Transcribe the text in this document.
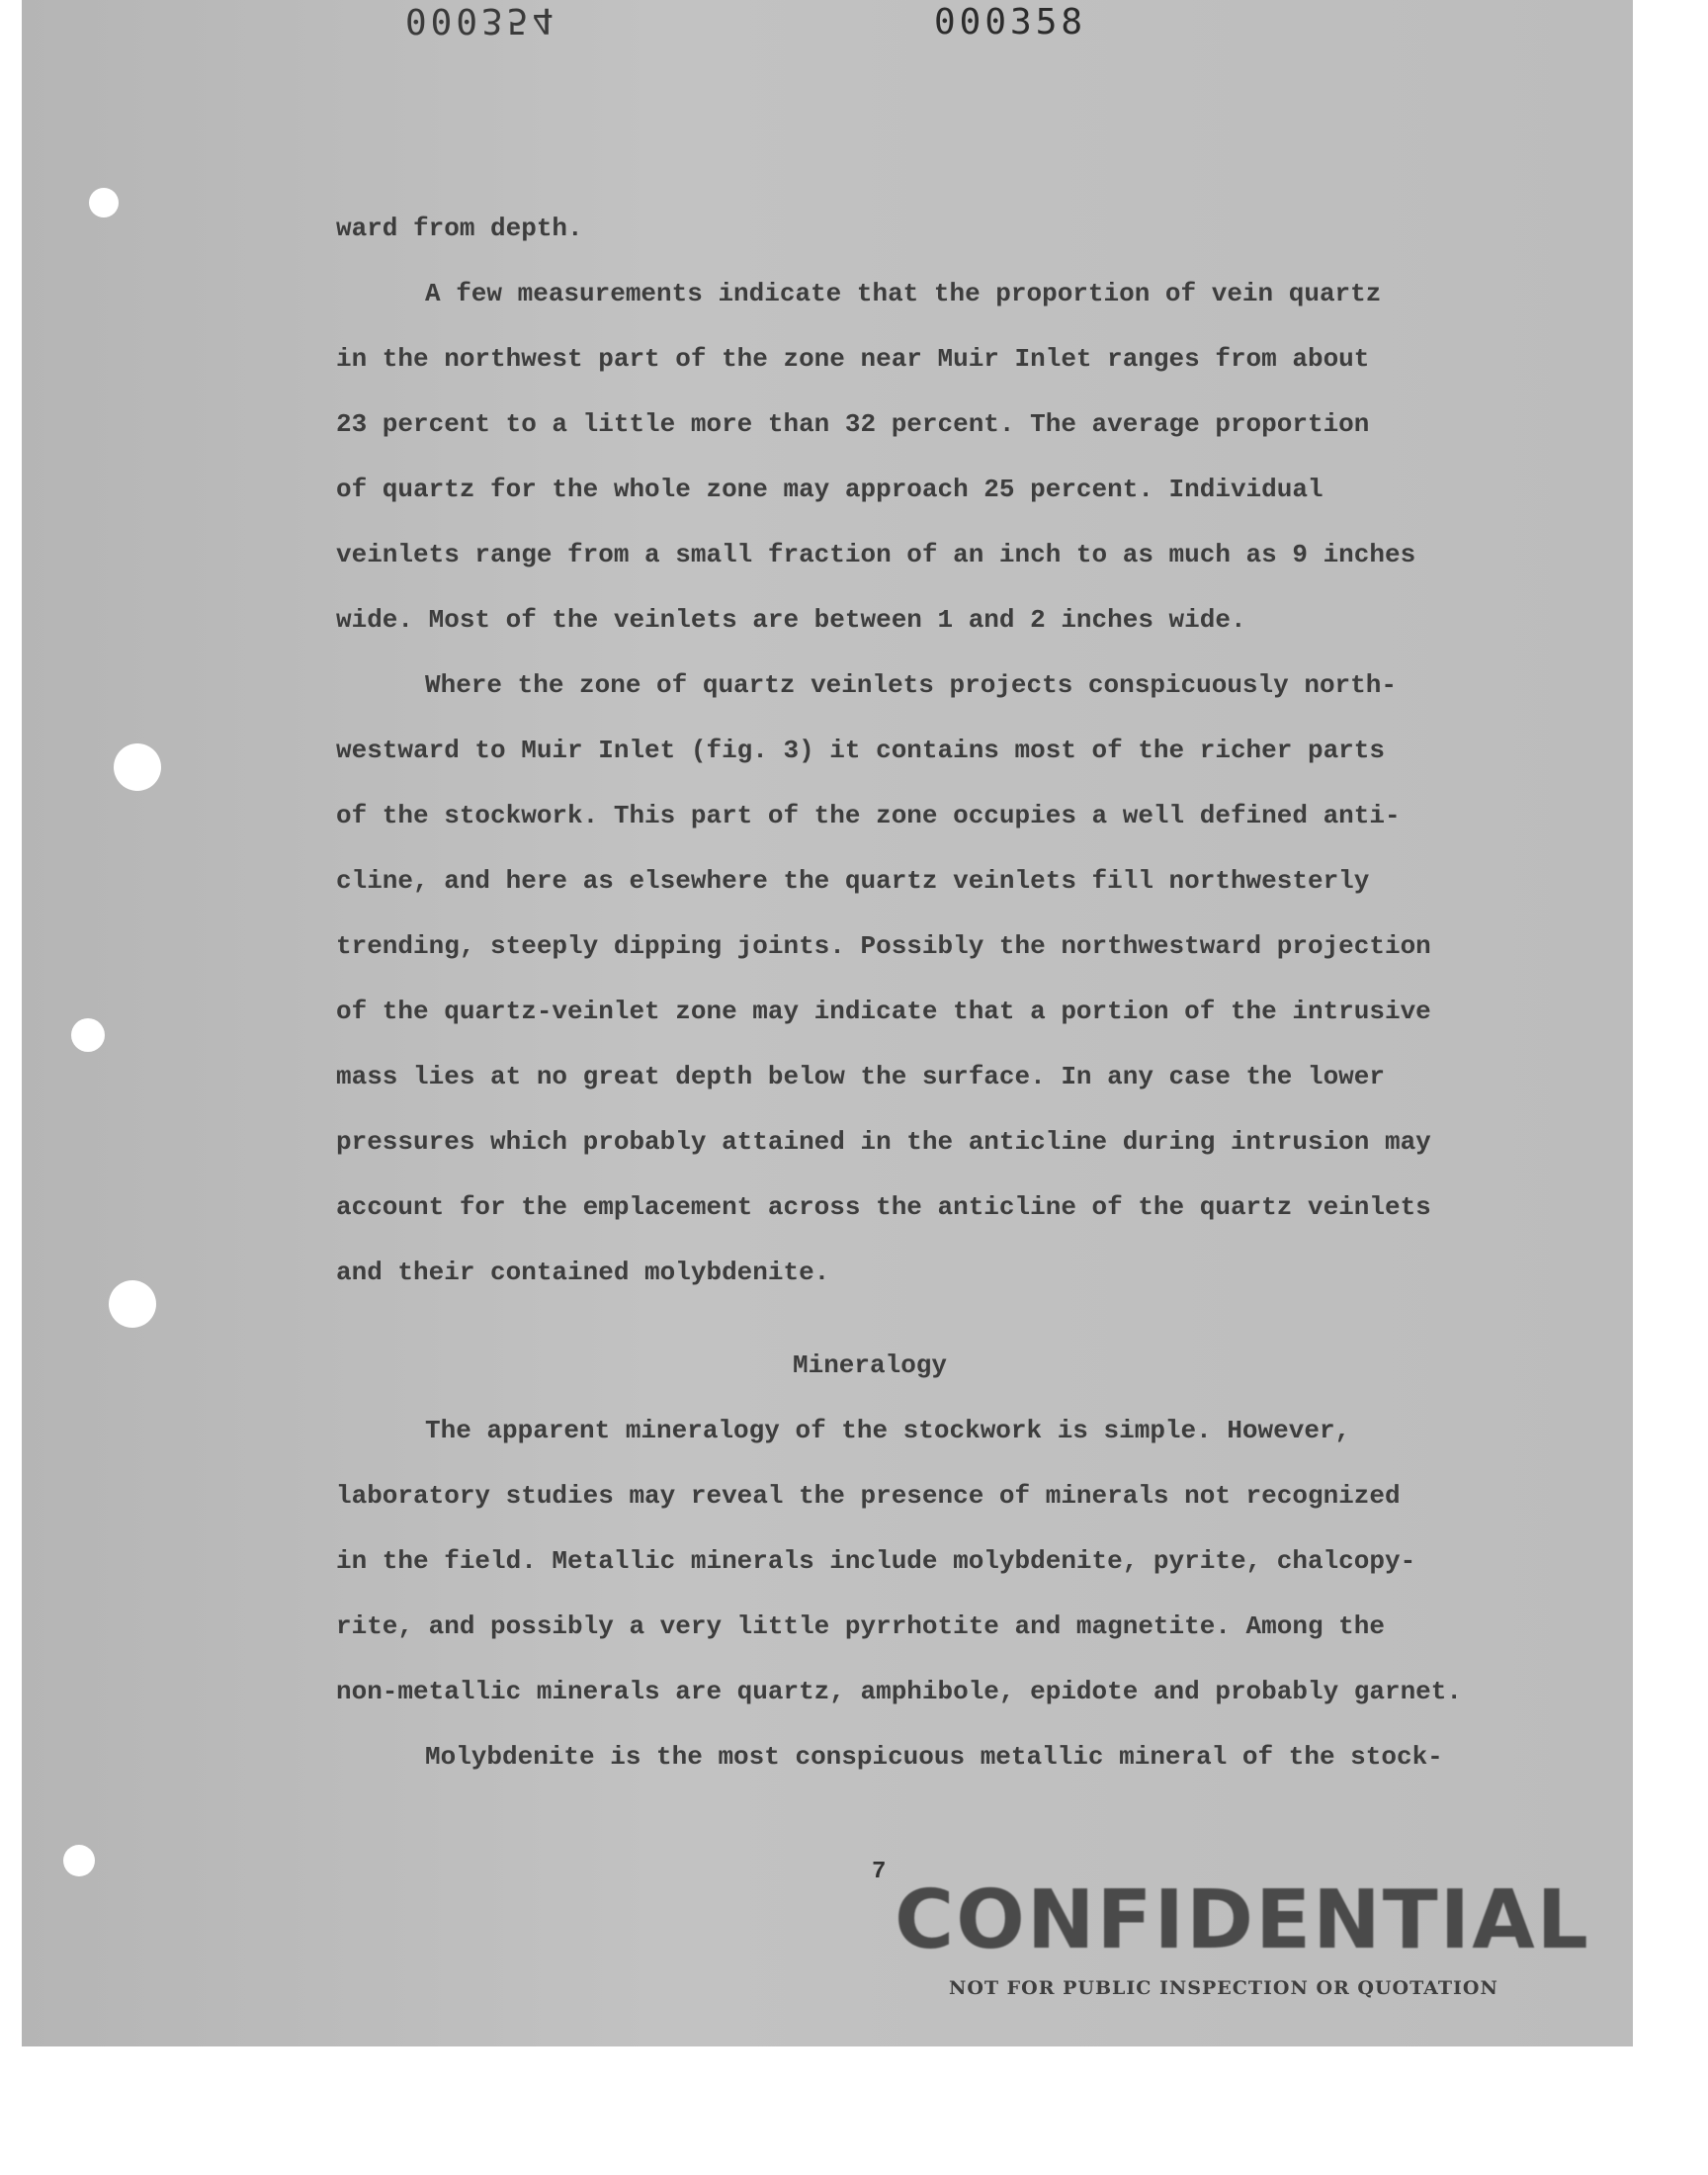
000354	000358

ward from depth.

A few measurements indicate that the proportion of vein quartz
in the northwest part of the zone near Muir Inlet ranges from about
23 percent to a little more than 32 percent. The average proportion
of quartz for the whole zone may approach 25 percent. Individual
veinlets range from a small fraction of an inch to as much as 9 inches
wide. Most of the veinlets are between 1 and 2 inches wide.

Where the zone of quartz veinlets projects conspicuously north-
westward to Muir Inlet (fig. 3) it contains most of the richer parts
of the stockwork. This part of the zone occupies a well defined anti-
cline, and here as elsewhere the quartz veinlets fill northwesterly
trending, steeply dipping joints. Possibly the northwestward projection
of the quartz-veinlet zone may indicate that a portion of the intrusive
mass lies at no great depth below the surface. In any case the lower
pressures which probably attained in the anticline during intrusion may
account for the emplacement across the anticline of the quartz veinlets
and their contained molybdenite.

Mineralogy

The apparent mineralogy of the stockwork is simple. However,
laboratory studies may reveal the presence of minerals not recognized
in the field. Metallic minerals include molybdenite, pyrite, chalcopy-
rite, and possibly a very little pyrrhotite and magnetite. Among the
non-metallic minerals are quartz, amphibole, epidote and probably garnet.

Molybdenite is the most conspicuous metallic mineral of the stock-

7
CONFIDENTIAL
NOT FOR PUBLIC INSPECTION OR QUOTATION
